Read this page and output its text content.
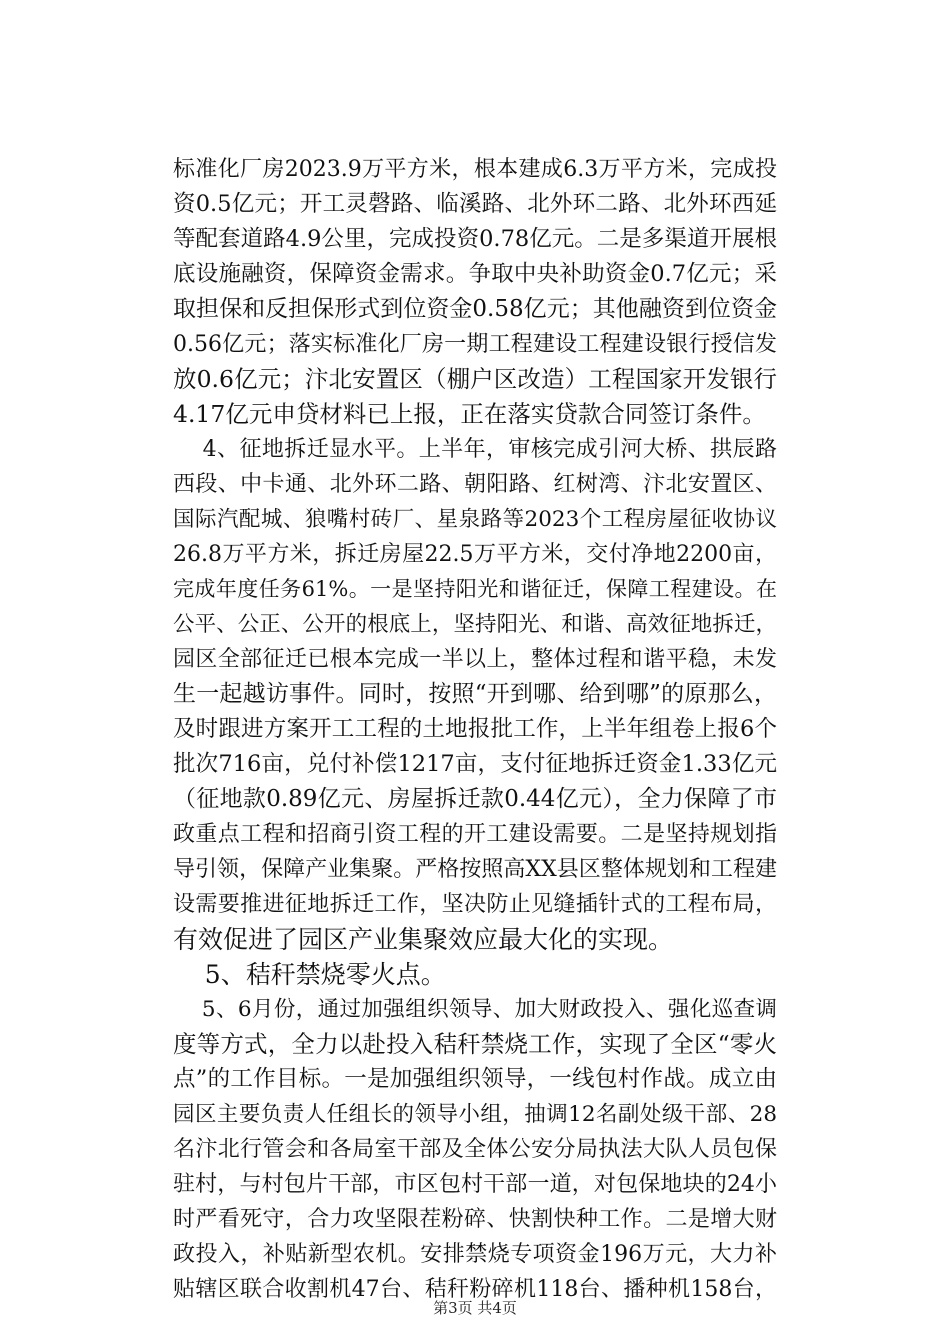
标准化厂房2023.9万平方米，根本建成6.3万平方米，完成投
资0.5亿元；开工灵磬路、临溪路、北外环二路、北外环西延
等配套道路4.9公里，完成投资0.78亿元。二是多渠道开展根
底设施融资，保障资金需求。争取中央补助资金0.7亿元；采
取担保和反担保形式到位资金0.58亿元；其他融资到位资金
0.56亿元；落实标准化厂房一期工程建设工程建设银行授信发
放0.6亿元；汴北安置区（棚户区改造）工程国家开发银行
4.17亿元申贷材料已上报，正在落实贷款合同签订条件。
4、征地拆迁显水平。上半年，审核完成引河大桥、拱辰路
西段、中卡通、北外环二路、朝阳路、红树湾、汴北安置区、
国际汽配城、狼嘴村砖厂、星泉路等2023个工程房屋征收协议
26.8万平方米，拆迁房屋22.5万平方米，交付净地2200亩，
完成年度任务61%。一是坚持阳光和谐征迁，保障工程建设。在
公平、公正、公开的根底上，坚持阳光、和谐、高效征地拆迁，
园区全部征迁已根本完成一半以上，整体过程和谐平稳，未发
生一起越访事件。同时，按照“开到哪、给到哪”的原那么，
及时跟进方案开工工程的土地报批工作，上半年组卷上报6个
批次716亩，兑付补偿1217亩，支付征地拆迁资金1.33亿元
（征地款0.89亿元、房屋拆迁款0.44亿元），全力保障了市
政重点工程和招商引资工程的开工建设需要。二是坚持规划指
导引领，保障产业集聚。严格按照高XX县区整体规划和工程建
设需要推进征地拆迁工作，坚决防止见缝插针式的工程布局，
有效促进了园区产业集聚效应最大化的实现。
5、秸秆禁烧零火点。
5、6月份，通过加强组织领导、加大财政投入、强化巡查调
度等方式，全力以赴投入秸秆禁烧工作，实现了全区“零火
点”的工作目标。一是加强组织领导，一线包村作战。成立由
园区主要负责人任组长的领导小组，抽调12名副处级干部、28
名汴北行管会和各局室干部及全体公安分局执法大队人员包保
驻村，与村包片干部，市区包村干部一道，对包保地块的24小
时严看死守，合力攻坚限茬粉碎、快割快种工作。二是增大财
政投入，补贴新型农机。安排禁烧专项资金196万元，大力补
贴辖区联合收割机47台、秸秆粉碎机118台、播种机158台，
第3页 共4页
